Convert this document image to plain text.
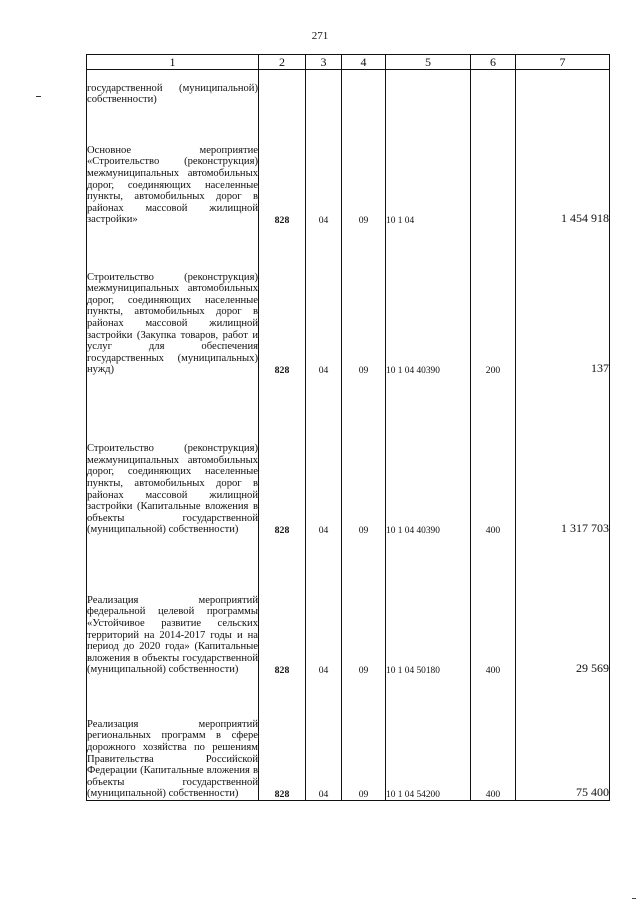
271
1	2	3	4	5	6	7
государственной (муниципальной) собственности)						
Основное мероприятие «Строительство (реконструкция) межмуниципальных автомобильных дорог, соединяющих населенные пункты, автомобильных дорог в районах массовой жилищной застройки»	828	04	09	10 1 04		1 454 918
Строительство (реконструкция) межмуниципальных автомобильных дорог, соединяющих населенные пункты, автомобильных дорог в районах массовой жилищной застройки (Закупка товаров, работ и услуг для обеспечения государственных (муниципальных) нужд)	828	04	09	10 1 04 40390	200	137
Строительство (реконструкция) межмуниципальных автомобильных дорог, соединяющих населенные пункты, автомобильных дорог в районах массовой жилищной застройки (Капитальные вложения в объекты государственной (муниципальной) собственности)	828	04	09	10 1 04 40390	400	1 317 703
Реализация мероприятий федеральной целевой программы «Устойчивое развитие сельских территорий на 2014-2017 годы и на период до 2020 года» (Капитальные вложения в объекты государственной (муниципальной) собственности)	828	04	09	10 1 04 50180	400	29 569
Реализация мероприятий региональных программ в сфере дорожного хозяйства по решениям Правительства Российской Федерации (Капитальные вложения в объекты государственной (муниципальной) собственности)	828	04	09	10 1 04 54200	400	75 400
